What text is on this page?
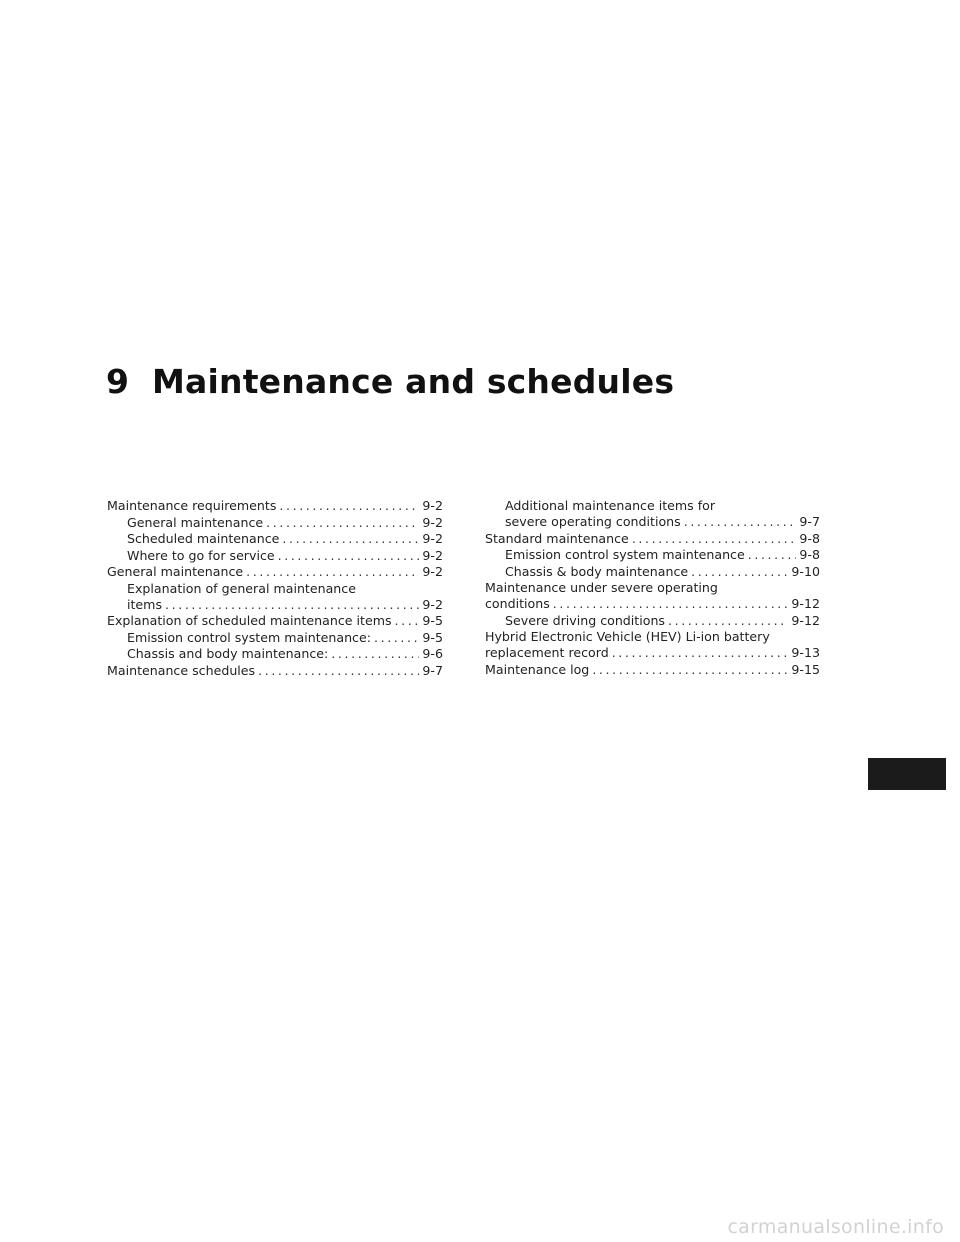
9 Maintenance and schedules
Maintenance requirements .....	9-2
General maintenance .....	9-2
Scheduled maintenance .....	9-2
Where to go for service .....	9-2
General maintenance .....	9-2
Explanation of general maintenance
items .....	9-2
Explanation of scheduled maintenance items ..... 9-5
Emission control system maintenance: .....	9-5
Chassis and body maintenance: .....	9-6
Maintenance schedules .....	9-7
Additional maintenance items for
severe operating conditions .....	9-7
Standard maintenance .....	9-8
Emission control system maintenance .....	9-8
Chassis & body maintenance .....	9-10
Maintenance under severe operating
conditions .....	9-12
Severe driving conditions .....	9-12
Hybrid Electronic Vehicle (HEV) Li-ion battery
replacement record .....	9-13
Maintenance log .....	9-15
carmanualsonline.info
